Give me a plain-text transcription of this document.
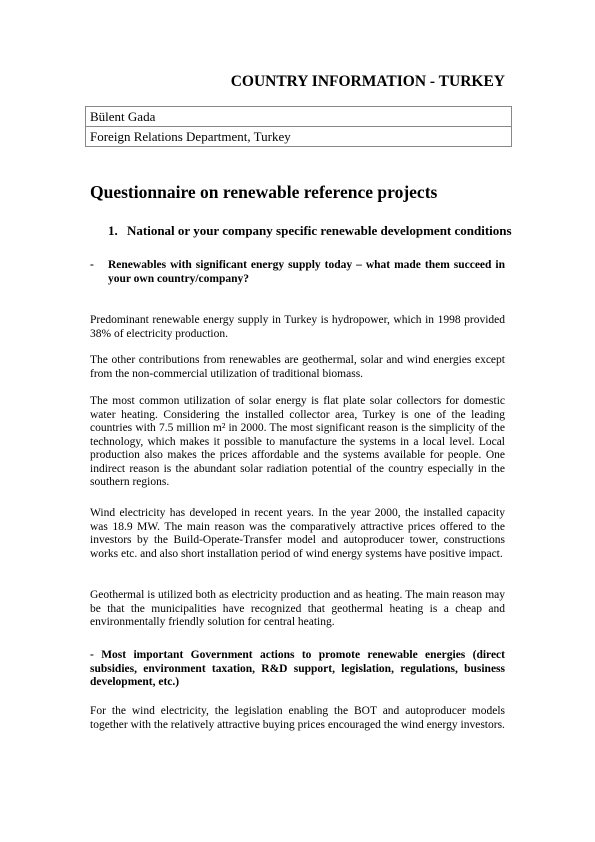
COUNTRY INFORMATION - TURKEY
Bülent Gada
Foreign Relations Department, Turkey
Questionnaire on renewable reference projects
1. National or your company specific renewable development conditions
- Renewables with significant energy supply today – what made them succeed in your own country/company?

Predominant renewable energy supply in Turkey is hydropower, which in 1998 provided 38% of electricity production.

The other contributions from renewables are geothermal, solar and wind energies except from the non-commercial utilization of traditional biomass.

The most common utilization of solar energy is flat plate solar collectors for domestic water heating. Considering the installed collector area, Turkey is one of the leading countries with 7.5 million m² in 2000. The most significant reason is the simplicity of the technology, which makes it possible to manufacture the systems in a local level. Local production also makes the prices affordable and the systems available for people. One indirect reason is the abundant solar radiation potential of the country especially in the southern regions.

Wind electricity has developed in recent years. In the year 2000, the installed capacity was 18.9 MW. The main reason was the comparatively attractive prices offered to the investors by the Build-Operate-Transfer model and autoproducer tower, constructions works etc. and also short installation period of wind energy systems have positive impact.

Geothermal is utilized both as electricity production and as heating. The main reason may be that the municipalities have recognized that geothermal heating is a cheap and environmentally friendly solution for central heating.

- Most important Government actions to promote renewable energies (direct subsidies, environment taxation, R&D support, legislation, regulations, business development, etc.)

For the wind electricity, the legislation enabling the BOT and autoproducer models together with the relatively attractive buying prices encouraged the wind energy investors.
